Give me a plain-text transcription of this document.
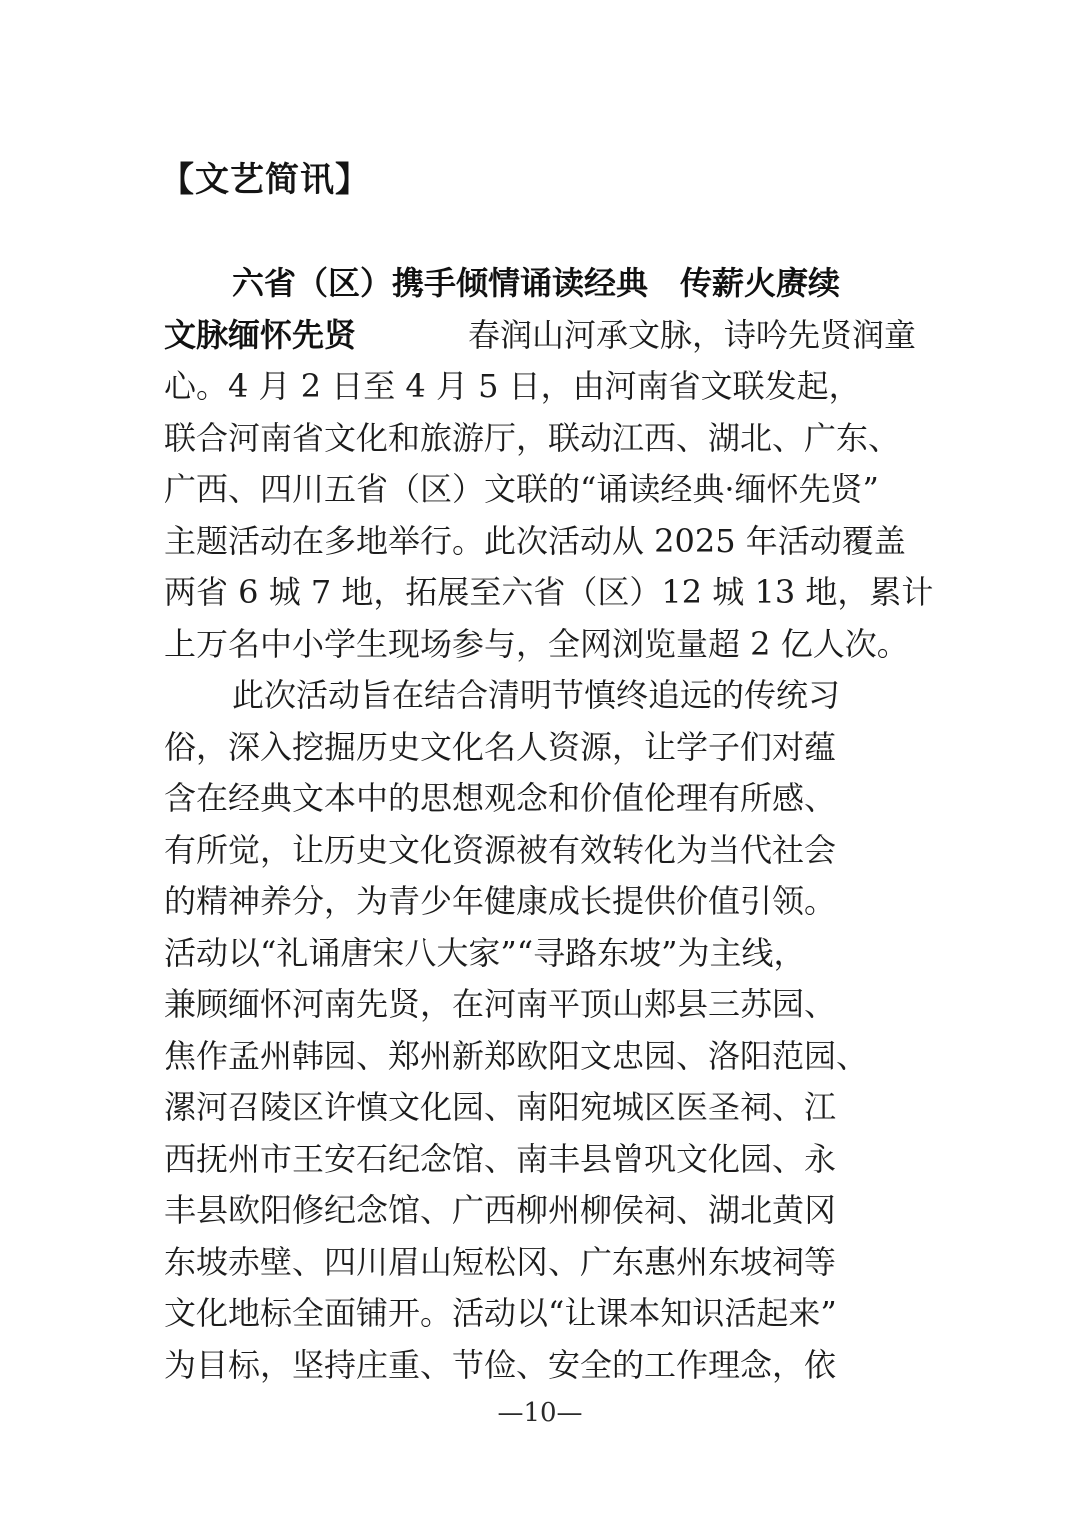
【文艺简讯】
六省（区）携手倾情诵读经典　传薪火赓续
文脉缅怀先贤	春润山河承文脉，诗吟先贤润童
心。4 月 2 日至 4 月 5 日，由河南省文联发起，
联合河南省文化和旅游厅，联动江西、湖北、广东、
广西、四川五省（区）文联的“诵读经典·缅怀先贤”
主题活动在多地举行。此次活动从 2025 年活动覆盖
两省 6 城 7 地，拓展至六省（区）12 城 13 地，累计
上万名中小学生现场参与，全网浏览量超 2 亿人次。
此次活动旨在结合清明节慎终追远的传统习
俗，深入挖掘历史文化名人资源，让学子们对蕴
含在经典文本中的思想观念和价值伦理有所感、
有所觉，让历史文化资源被有效转化为当代社会
的精神养分，为青少年健康成长提供价值引领。
活动以“礼诵唐宋八大家”“寻路东坡”为主线，
兼顾缅怀河南先贤，在河南平顶山郏县三苏园、
焦作孟州韩园、郑州新郑欧阳文忠园、洛阳范园、
漯河召陵区许慎文化园、南阳宛城区医圣祠、江
西抚州市王安石纪念馆、南丰县曾巩文化园、永
丰县欧阳修纪念馆、广西柳州柳侯祠、湖北黄冈
东坡赤壁、四川眉山短松冈、广东惠州东坡祠等
文化地标全面铺开。活动以“让课本知识活起来”
为目标，坚持庄重、节俭、安全的工作理念，依
—10—
